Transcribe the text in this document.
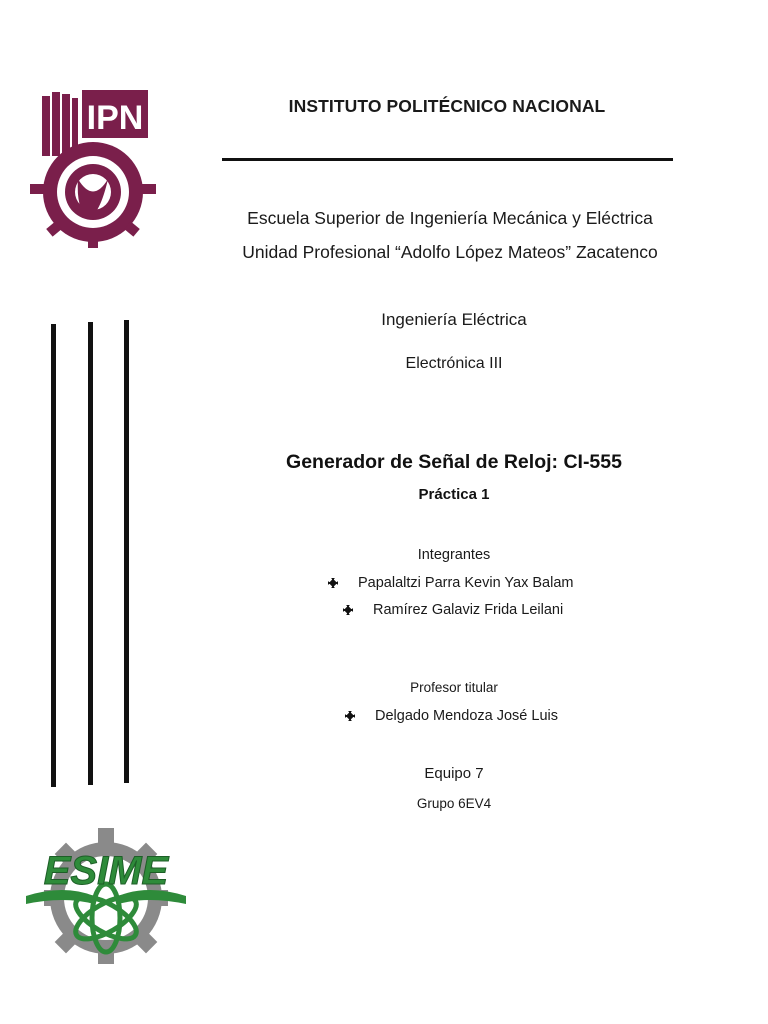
IPN	INSTITUTO POLITÉCNICO NACIONAL
Escuela Superior de Ingeniería Mecánica y Eléctrica
Unidad Profesional “Adolfo López Mateos” Zacatenco
Ingeniería Eléctrica
Electrónica III
Generador de Señal de Reloj: CI-555
Práctica 1
Integrantes
Papalaltzi Parra Kevin Yax Balam
Ramírez Galaviz Frida Leilani
Profesor titular
Delgado Mendoza José Luis
Equipo 7
Grupo 6EV4
ESIME
